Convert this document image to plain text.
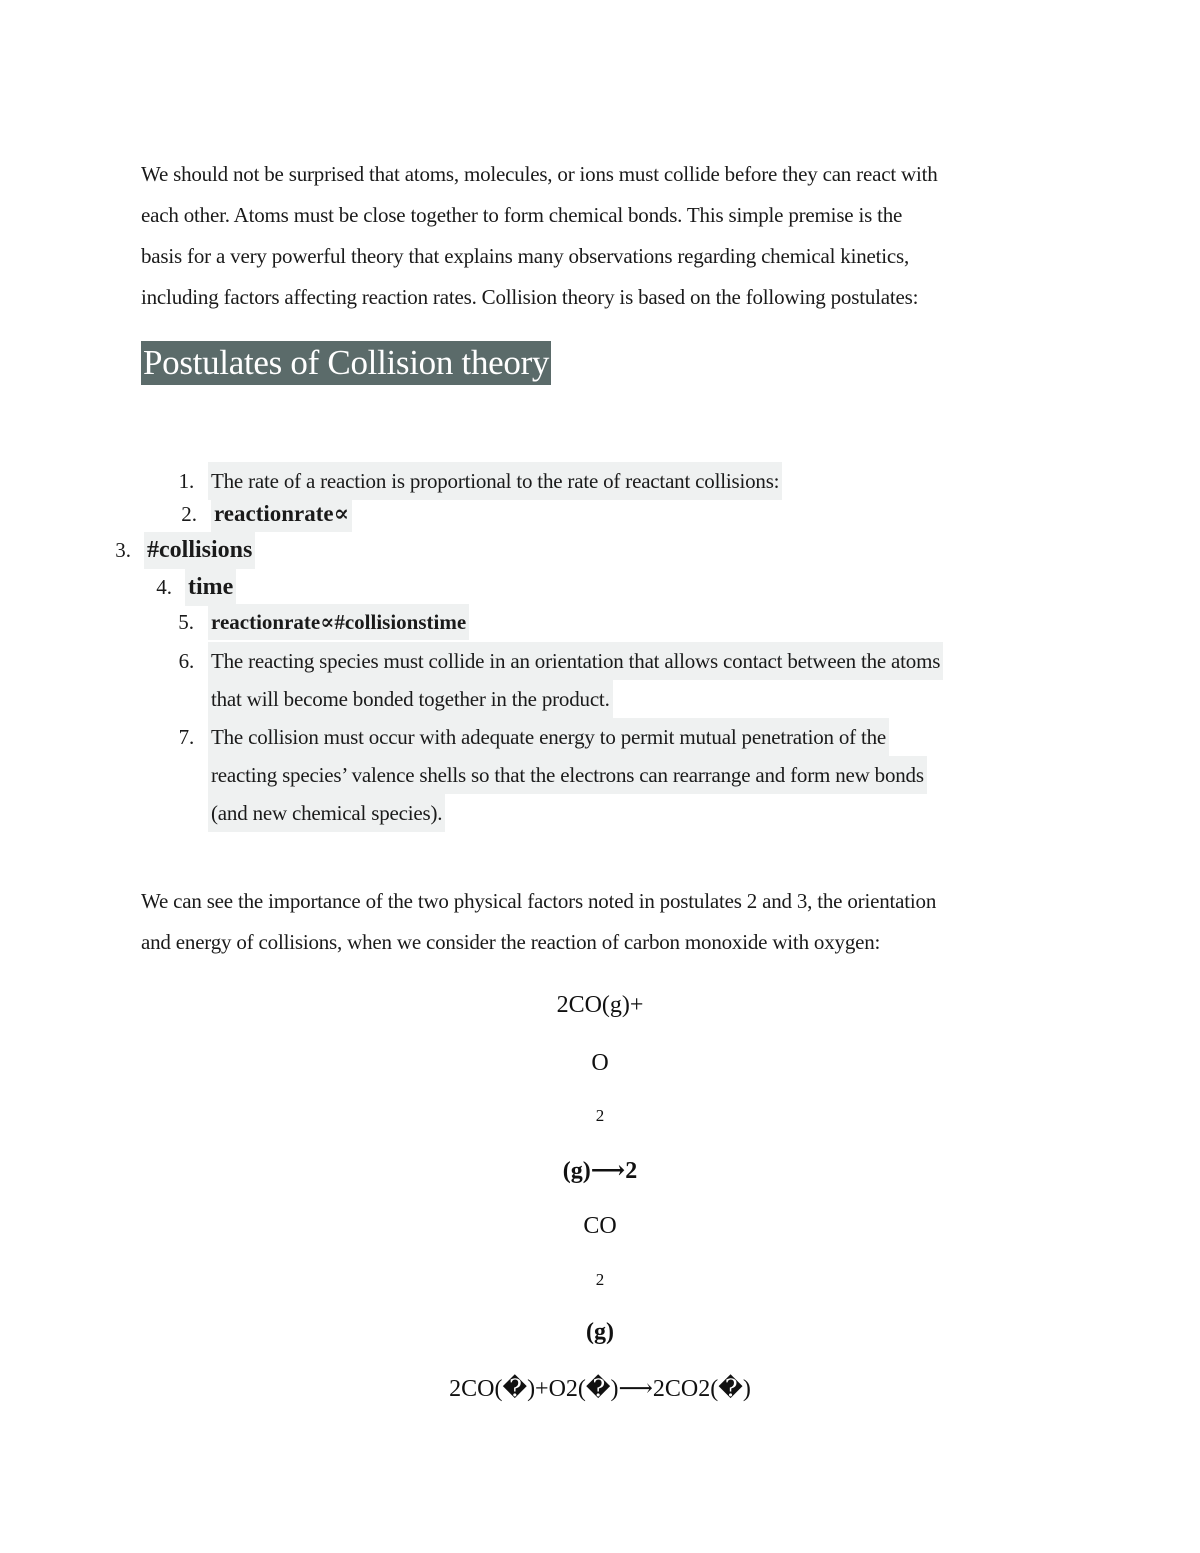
We should not be surprised that atoms, molecules, or ions must collide before they can react with
each other. Atoms must be close together to form chemical bonds. This simple premise is the
basis for a very powerful theory that explains many observations regarding chemical kinetics,
including factors affecting reaction rates. Collision theory is based on the following postulates:
Postulates of Collision theory
1. The rate of a reaction is proportional to the rate of reactant collisions:
2. reactionrate∝
3. #collisions
4. time
5. reactionrate∝#collisionstime
6. The reacting species must collide in an orientation that allows contact between the atoms
that will become bonded together in the product.
7. The collision must occur with adequate energy to permit mutual penetration of the
reacting species’ valence shells so that the electrons can rearrange and form new bonds
(and new chemical species).
We can see the importance of the two physical factors noted in postulates 2 and 3, the orientation
and energy of collisions, when we consider the reaction of carbon monoxide with oxygen:
2CO(g)+
O
2
(g)⟶2
CO
2
(g)
2CO(�)+O2(�)⟶2CO2(�)
